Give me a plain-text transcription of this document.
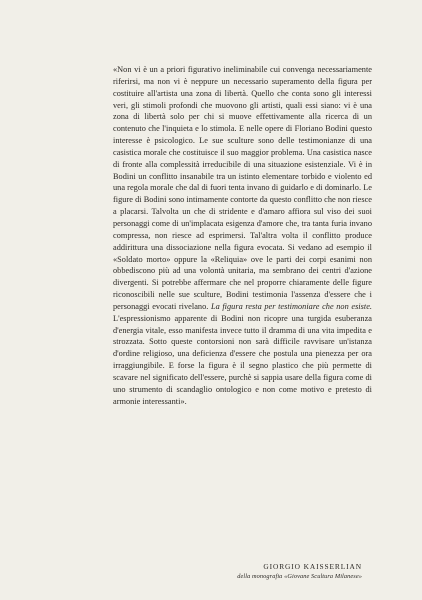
«Non vi è un a priori figurativo ineliminabile cui convenga necessariamente riferirsi, ma non vi è neppure un necessario superamento della figura per costituire all'artista una zona di libertà. Quello che conta sono gli interessi veri, gli stimoli profondi che muovono gli artisti, quali essi siano: vi è una zona di libertà solo per chi si muove effettivamente alla ricerca di un contenuto che l'inquieta e lo stimola. E nelle opere di Floriano Bodini questo interesse è psicologico. Le sue sculture sono delle testimonianze di una casistica morale che costituisce il suo maggior problema. Una casistica nasce di fronte alla complessità irreducibile di una situazione esistenziale. Vi è in Bodini un conflitto insanabile tra un istinto elementare torbido e violento ed una regola morale che dal di fuori tenta invano di guidarlo e di dominarlo. Le figure di Bodini sono intimamente contorte da questo conflitto che non riesce a placarsi. Talvolta un che di stridente e d'amaro affiora sul viso dei suoi personaggi come di un'implacata esigenza d'amore che, tra tanta furia invano compressa, non riesce ad esprimersi. Tal'altra volta il conflitto produce addirittura una dissociazione nella figura evocata. Si vedano ad esempio il «Soldato morto» oppure la «Reliquia» ove le parti dei corpi esanimi non obbediscono più ad una volontà unitaria, ma sembrano dei centri d'azione divergenti. Si potrebbe affermare che nel proporre chiaramente delle figure riconoscibili nelle sue sculture, Bodini testimonia l'assenza d'essere che i personaggi evocati rivelano. La figura resta per testimoniare che non esiste. L'espressionismo apparente di Bodini non ricopre una turgida esuberanza d'energia vitale, esso manifesta invece tutto il dramma di una vita impedita e strozzata. Sotto queste contorsioni non sarà difficile ravvisare un'istanza d'ordine religioso, una deficienza d'essere che postula una pienezza per ora irraggiungibile. E forse la figura è il segno plastico che più permette di scavare nel significato dell'essere, purchè si sappia usare della figura come di uno strumento di scandaglio ontologico e non come motivo e pretesto di armonie interessanti».

GIORGIO KAISSERLIAN
della monografia «Giovane Scultura Milanese»
